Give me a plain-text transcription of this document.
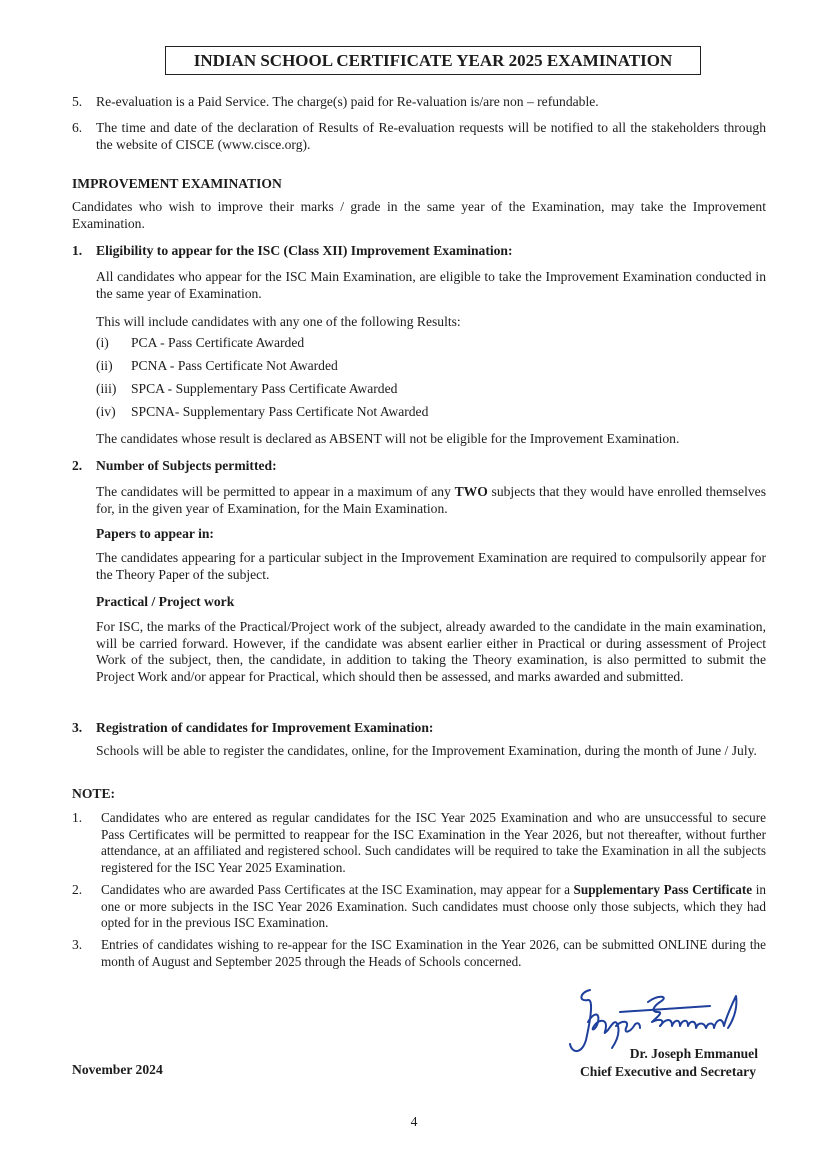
INDIAN SCHOOL CERTIFICATE YEAR 2025 EXAMINATION
5.	Re-evaluation is a Paid Service. The charge(s) paid for Re-valuation is/are non – refundable.
6.	The time and date of the declaration of Results of Re-evaluation requests will be notified to all the stakeholders through the website of CISCE (www.cisce.org).
IMPROVEMENT EXAMINATION
Candidates who wish to improve their marks / grade in the same year of the Examination, may take the Improvement Examination.
1.	Eligibility to appear for the ISC (Class XII) Improvement Examination:
All candidates who appear for the ISC Main Examination, are eligible to take the Improvement Examination conducted in the same year of Examination.
This will include candidates with any one of the following Results:
(i) PCA - Pass Certificate Awarded
(ii) PCNA - Pass Certificate Not Awarded
(iii) SPCA - Supplementary Pass Certificate Awarded
(iv) SPCNA- Supplementary Pass Certificate Not Awarded
The candidates whose result is declared as ABSENT will not be eligible for the Improvement Examination.
2.	Number of Subjects permitted:
The candidates will be permitted to appear in a maximum of any TWO subjects that they would have enrolled themselves for, in the given year of Examination, for the Main Examination.
Papers to appear in:
The candidates appearing for a particular subject in the Improvement Examination are required to compulsorily appear for the Theory Paper of the subject.
Practical / Project work
For ISC, the marks of the Practical/Project work of the subject, already awarded to the candidate in the main examination, will be carried forward. However, if the candidate was absent earlier either in Practical or during assessment of Project Work of the subject, then, the candidate, in addition to taking the Theory examination, is also permitted to submit the Project Work and/or appear for Practical, which should then be assessed, and marks awarded and submitted.
3.	Registration of candidates for Improvement Examination:
Schools will be able to register the candidates, online, for the Improvement Examination, during the month of June / July.
NOTE:
1.	Candidates who are entered as regular candidates for the ISC Year 2025 Examination and who are unsuccessful to secure Pass Certificates will be permitted to reappear for the ISC Examination in the Year 2026, but not thereafter, without further attendance, at an affiliated and registered school. Such candidates will be required to take the Examination in all the subjects registered for the ISC Year 2025 Examination.
2.	Candidates who are awarded Pass Certificates at the ISC Examination, may appear for a Supplementary Pass Certificate in one or more subjects in the ISC Year 2026 Examination. Such candidates must choose only those subjects, which they had opted for in the previous ISC Examination.
3.	Entries of candidates wishing to re-appear for the ISC Examination in the Year 2026, can be submitted ONLINE during the month of August and September 2025 through the Heads of Schools concerned.
November 2024
Dr. Joseph Emmanuel
Chief Executive and Secretary
4
